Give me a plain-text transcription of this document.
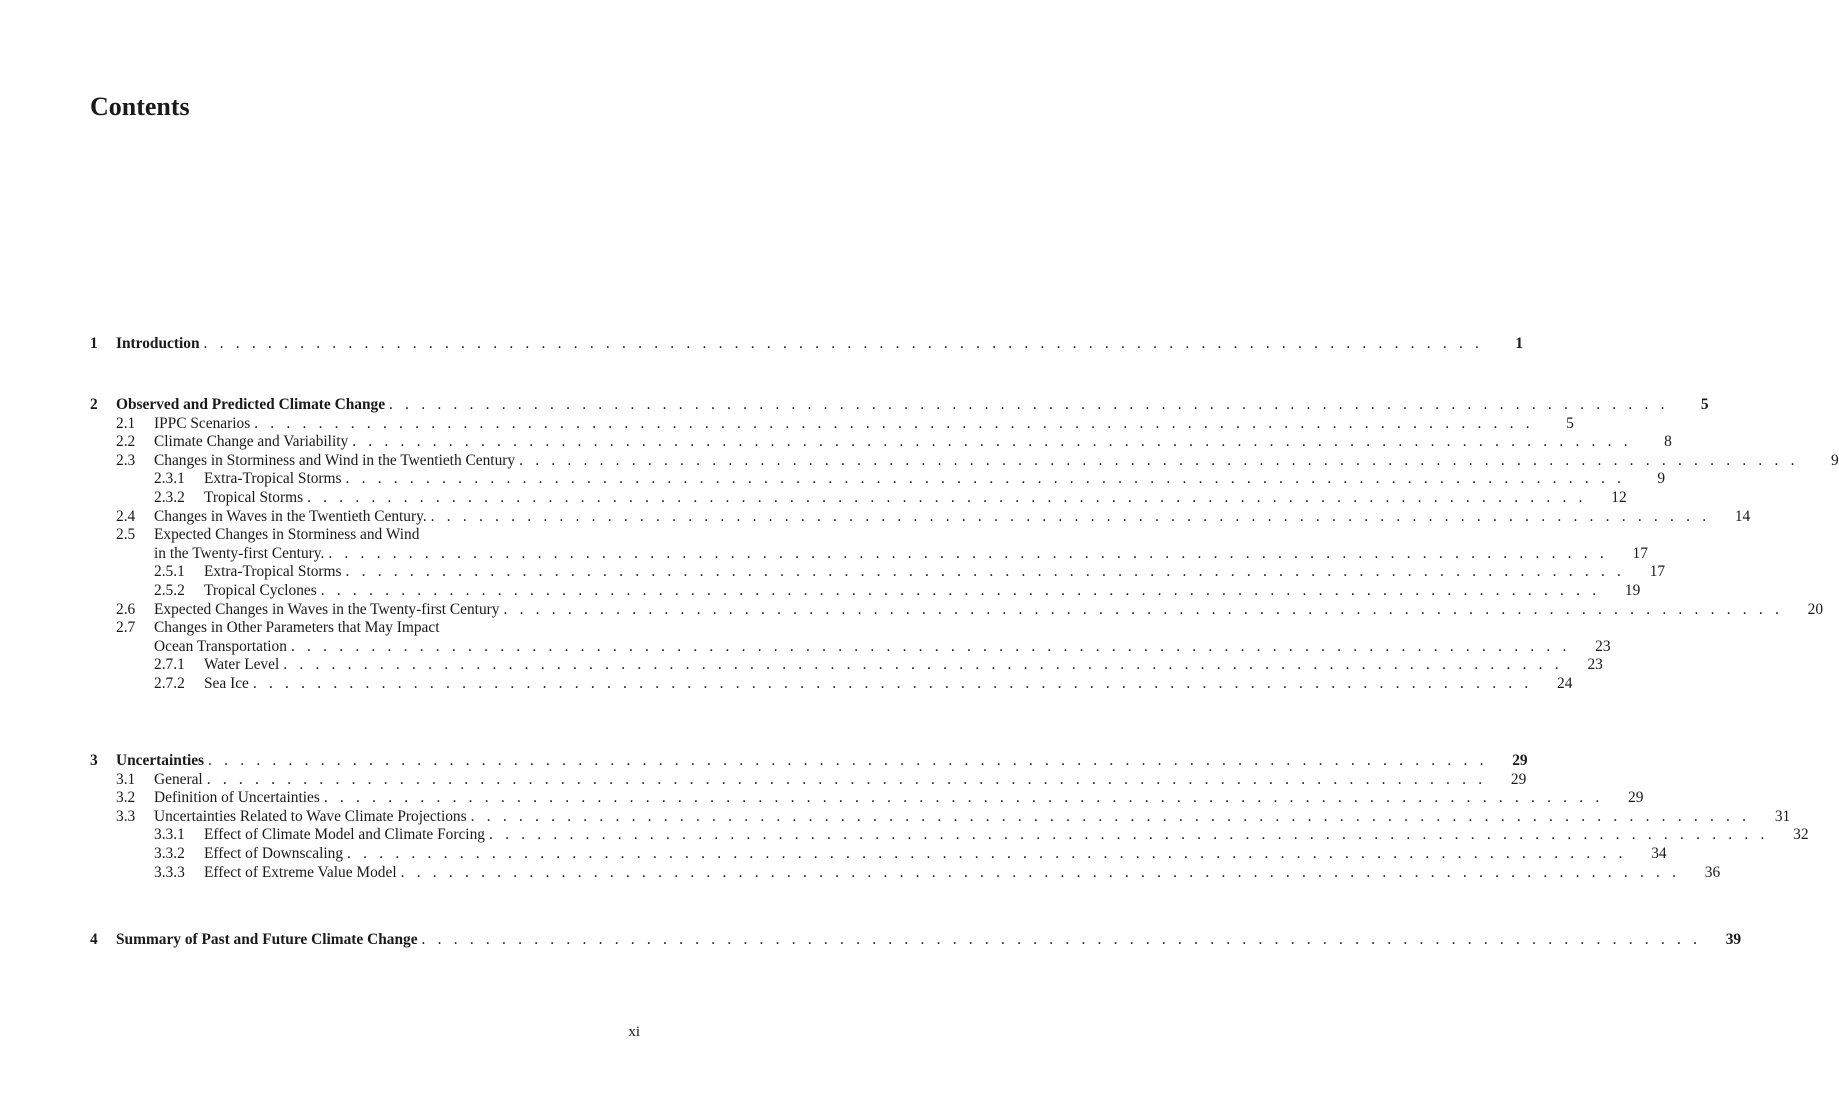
Contents
1	Introduction . . . . . . . . . . . . . . . . . . . . . . . . . . . . . . . . . . . . . . . . . . . . . . . . . . . . . . . . . . . . . . . . . . . . . . . . . . . . . . . . 1
2	Observed and Predicted Climate Change . . . . . . . . . . . . . . . . . . . . . . . . . . . . . . . . . . . . . . . . . . . . . . . . . . . . . . . . . . . . . . . . . . . . . . . . . . . . . . . . 5
2.1	IPPC Scenarios . . . . . . . . . . . . . . . . . . . . . . . . . . . . . . . . . . . . . . . . . . . . . . . . . . . . . . . . . . . . . . . . . . . . . . . . . . . . . . . . 5
2.2	Climate Change and Variability . . . . . . . . . . . . . . . . . . . . . . . . . . . . . . . . . . . . . . . . . . . . . . . . . . . . . . . . . . . . . . . . . . . . . . . . . . . . . . . . 8
2.3	Changes in Storminess and Wind in the Twentieth Century . . . . . . . . . . . . . . . . . . . . . . . . . . . . . . . . . . . . . . . . . . . . . . . . . . . . . . . . . . . . . . . . . . . . . . . . . . . . . . . . 9
2.3.1	Extra-Tropical Storms . . . . . . . . . . . . . . . . . . . . . . . . . . . . . . . . . . . . . . . . . . . . . . . . . . . . . . . . . . . . . . . . . . . . . . . . . . . . . . . . 9
2.3.2	Tropical Storms . . . . . . . . . . . . . . . . . . . . . . . . . . . . . . . . . . . . . . . . . . . . . . . . . . . . . . . . . . . . . . . . . . . . . . . . . . . . . . . . 12
2.4	Changes in Waves in the Twentieth Century. . . . . . . . . . . . . . . . . . . . . . . . . . . . . . . . . . . . . . . . . . . . . . . . . . . . . . . . . . . . . . . . . . . . . . . . . . . . . . . . . 14
2.5	Expected Changes in Storminess and Wind
in the Twenty-first Century. . . . . . . . . . . . . . . . . . . . . . . . . . . . . . . . . . . . . . . . . . . . . . . . . . . . . . . . . . . . . . . . . . . . . . . . . . . . . . . . . 17
2.5.1	Extra-Tropical Storms . . . . . . . . . . . . . . . . . . . . . . . . . . . . . . . . . . . . . . . . . . . . . . . . . . . . . . . . . . . . . . . . . . . . . . . . . . . . . . . . 17
2.5.2	Tropical Cyclones . . . . . . . . . . . . . . . . . . . . . . . . . . . . . . . . . . . . . . . . . . . . . . . . . . . . . . . . . . . . . . . . . . . . . . . . . . . . . . . . 19
2.6	Expected Changes in Waves in the Twenty-first Century . . . . . . . . . . . . . . . . . . . . . . . . . . . . . . . . . . . . . . . . . . . . . . . . . . . . . . . . . . . . . . . . . . . . . . . . . . . . . . . . 20
2.7	Changes in Other Parameters that May Impact
Ocean Transportation . . . . . . . . . . . . . . . . . . . . . . . . . . . . . . . . . . . . . . . . . . . . . . . . . . . . . . . . . . . . . . . . . . . . . . . . . . . . . . . . 23
2.7.1	Water Level . . . . . . . . . . . . . . . . . . . . . . . . . . . . . . . . . . . . . . . . . . . . . . . . . . . . . . . . . . . . . . . . . . . . . . . . . . . . . . . . 23
2.7.2	Sea Ice . . . . . . . . . . . . . . . . . . . . . . . . . . . . . . . . . . . . . . . . . . . . . . . . . . . . . . . . . . . . . . . . . . . . . . . . . . . . . . . . 24
3	Uncertainties . . . . . . . . . . . . . . . . . . . . . . . . . . . . . . . . . . . . . . . . . . . . . . . . . . . . . . . . . . . . . . . . . . . . . . . . . . . . . . . . 29
3.1	General . . . . . . . . . . . . . . . . . . . . . . . . . . . . . . . . . . . . . . . . . . . . . . . . . . . . . . . . . . . . . . . . . . . . . . . . . . . . . . . . 29
3.2	Definition of Uncertainties . . . . . . . . . . . . . . . . . . . . . . . . . . . . . . . . . . . . . . . . . . . . . . . . . . . . . . . . . . . . . . . . . . . . . . . . . . . . . . . . 29
3.3	Uncertainties Related to Wave Climate Projections . . . . . . . . . . . . . . . . . . . . . . . . . . . . . . . . . . . . . . . . . . . . . . . . . . . . . . . . . . . . . . . . . . . . . . . . . . . . . . . . 31
3.3.1	Effect of Climate Model and Climate Forcing . . . . . . . . . . . . . . . . . . . . . . . . . . . . . . . . . . . . . . . . . . . . . . . . . . . . . . . . . . . . . . . . . . . . . . . . . . . . . . . . 32
3.3.2	Effect of Downscaling . . . . . . . . . . . . . . . . . . . . . . . . . . . . . . . . . . . . . . . . . . . . . . . . . . . . . . . . . . . . . . . . . . . . . . . . . . . . . . . . 34
3.3.3	Effect of Extreme Value Model . . . . . . . . . . . . . . . . . . . . . . . . . . . . . . . . . . . . . . . . . . . . . . . . . . . . . . . . . . . . . . . . . . . . . . . . . . . . . . . . 36
4	Summary of Past and Future Climate Change . . . . . . . . . . . . . . . . . . . . . . . . . . . . . . . . . . . . . . . . . . . . . . . . . . . . . . . . . . . . . . . . . . . . . . . . . . . . . . . . 39
xi
